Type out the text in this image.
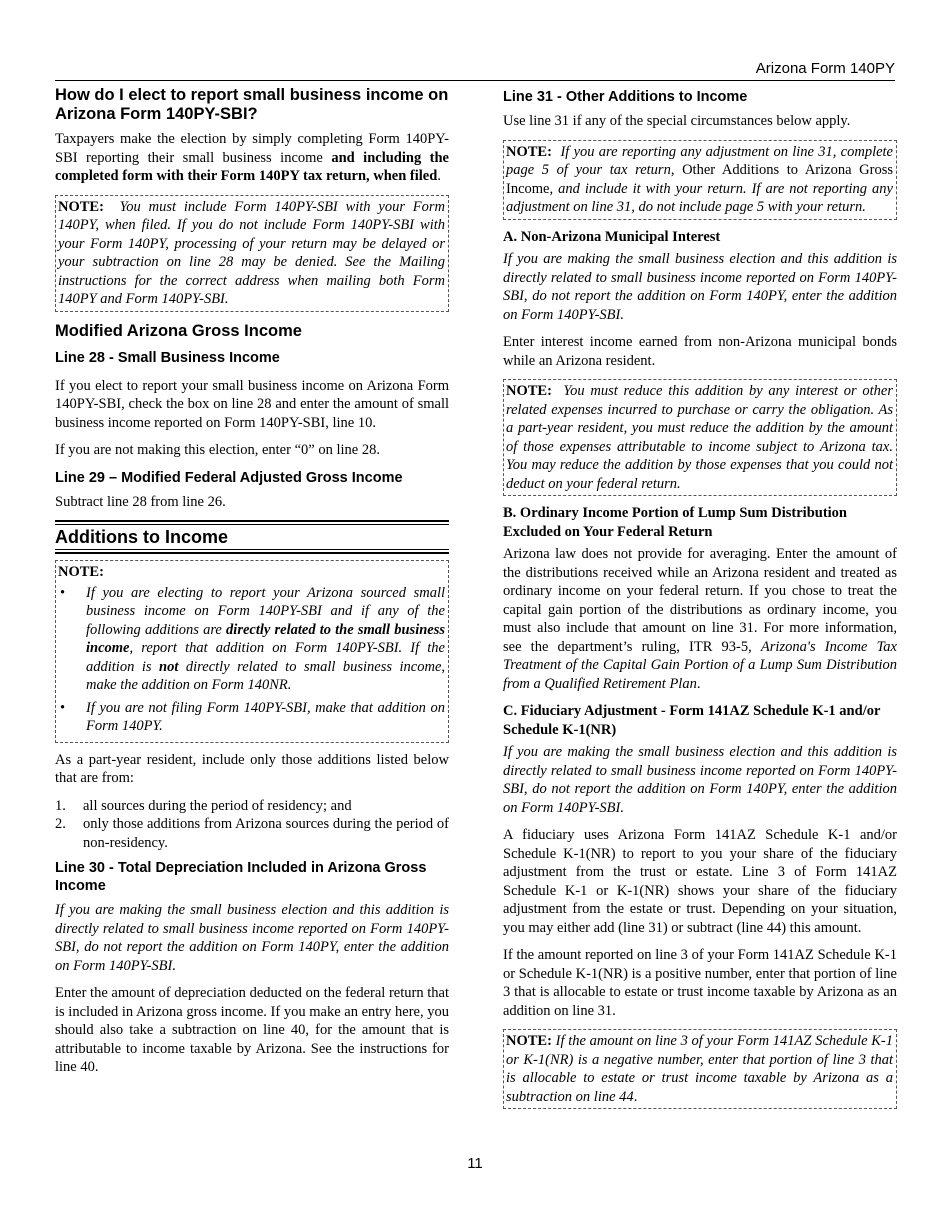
Arizona Form 140PY
How do I elect to report small business income on Arizona Form 140PY-SBI?

Taxpayers make the election by simply completing Form 140PY-SBI reporting their small business income and including the completed form with their Form 140PY tax return, when filed.

NOTE: You must include Form 140PY-SBI with your Form 140PY, when filed. If you do not include Form 140PY-SBI with your Form 140PY, processing of your return may be delayed or your subtraction on line 28 may be denied. See the Mailing instructions for the correct address when mailing both Form 140PY and Form 140PY-SBI.

Modified Arizona Gross Income
Line 28 - Small Business Income

If you elect to report your small business income on Arizona Form 140PY-SBI, check the box on line 28 and enter the amount of small business income reported on Form 140PY-SBI, line 10.

If you are not making this election, enter “0” on line 28.

Line 29 – Modified Federal Adjusted Gross Income

Subtract line 28 from line 26.

Additions to Income

NOTE:

• If you are electing to report your Arizona sourced small business income on Form 140PY-SBI and if any of the following additions are directly related to the small business income, report that addition on Form 140PY-SBI. If the addition is not directly related to small business income, make the addition on Form 140NR.
• If you are not filing Form 140PY-SBI, make that addition on Form 140PY.

As a part-year resident, include only those additions listed below that are from:

1. all sources during the period of residency; and
2. only those additions from Arizona sources during the period of non-residency.
Line 30 - Total Depreciation Included in Arizona Gross Income

If you are making the small business election and this addition is directly related to small business income reported on Form 140PY-SBI, do not report the addition on Form 140PY, enter the addition on Form 140PY-SBI.

Enter the amount of depreciation deducted on the federal return that is included in Arizona gross income. If you make an entry here, you should also take a subtraction on line 40, for the amount that is attributable to income taxable by Arizona. See the instructions for line 40.

Line 31 - Other Additions to Income

Use line 31 if any of the special circumstances below apply.

NOTE: If you are reporting any adjustment on line 31, complete page 5 of your tax return, Other Additions to Arizona Gross Income, and include it with your return. If are not reporting any adjustment on line 31, do not include page 5 with your return.

A. Non-Arizona Municipal Interest

If you are making the small business election and this addition is directly related to small business income reported on Form 140PY-SBI, do not report the addition on Form 140PY, enter the addition on Form 140PY-SBI.

Enter interest income earned from non-Arizona municipal bonds while an Arizona resident.

NOTE: You must reduce this addition by any interest or other related expenses incurred to purchase or carry the obligation. As a part-year resident, you must reduce the addition by the amount of those expenses attributable to income subject to Arizona tax. You may reduce the addition by those expenses that you could not deduct on your federal return.

B. Ordinary Income Portion of Lump Sum Distribution Excluded on Your Federal Return

Arizona law does not provide for averaging. Enter the amount of the distributions received while an Arizona resident and treated as ordinary income on your federal return. If you chose to treat the capital gain portion of the distributions as ordinary income, you must also include that amount on line 31. For more information, see the department’s ruling, ITR 93-5, Arizona's Income Tax Treatment of the Capital Gain Portion of a Lump Sum Distribution from a Qualified Retirement Plan.

C. Fiduciary Adjustment - Form 141AZ Schedule K-1 and/or Schedule K-1(NR)

If you are making the small business election and this addition is directly related to small business income reported on Form 140PY-SBI, do not report the addition on Form 140PY, enter the addition on Form 140PY-SBI.

A fiduciary uses Arizona Form 141AZ Schedule K-1 and/or Schedule K-1(NR) to report to you your share of the fiduciary adjustment from the trust or estate. Line 3 of Form 141AZ Schedule K-1 or K-1(NR) shows your share of the fiduciary adjustment from the estate or trust. Depending on your situation, you may either add (line 31) or subtract (line 44) this amount.

If the amount reported on line 3 of your Form 141AZ Schedule K-1 or Schedule K-1(NR) is a positive number, enter that portion of line 3 that is allocable to estate or trust income taxable by Arizona as an addition on line 31.

NOTE: If the amount on line 3 of your Form 141AZ Schedule K-1 or K-1(NR) is a negative number, enter that portion of line 3 that is allocable to estate or trust income taxable by Arizona as a subtraction on line 44.

11
